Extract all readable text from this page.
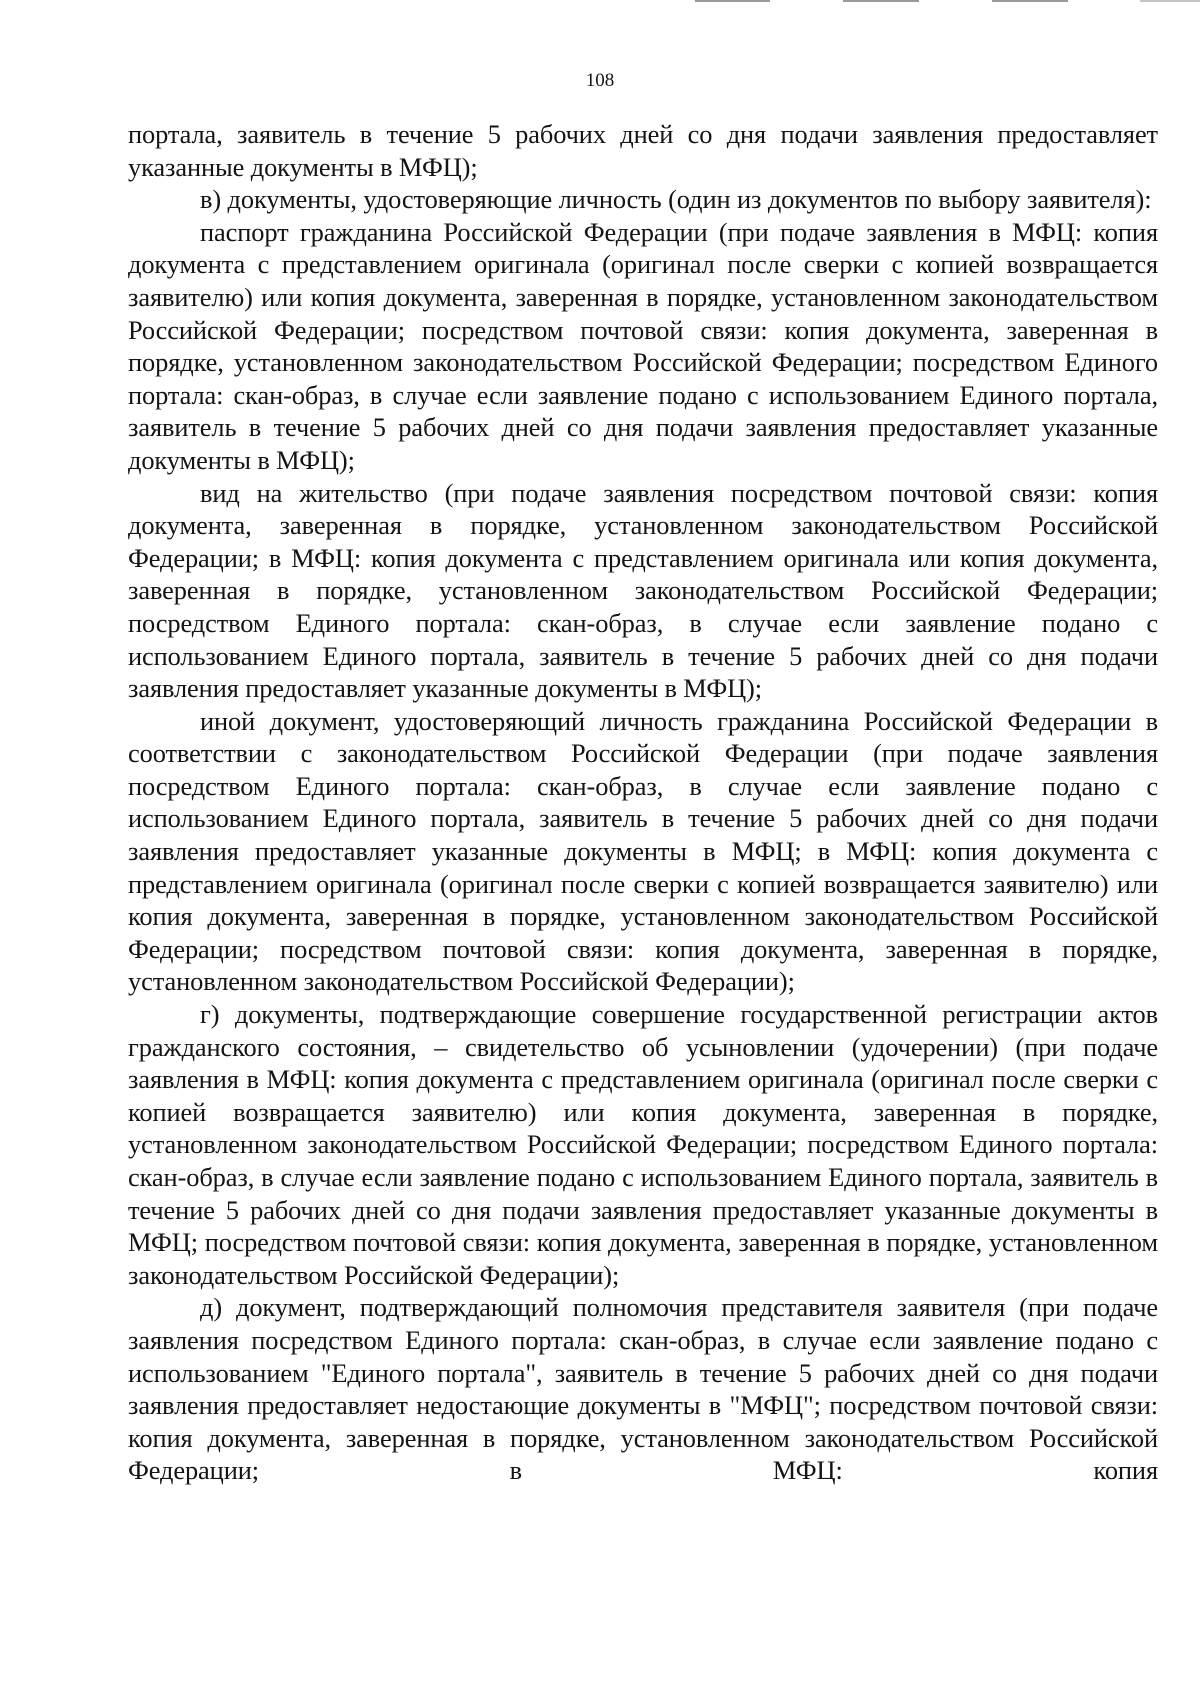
108

портала, заявитель в течение 5 рабочих дней со дня подачи заявления предоставляет указанные документы в МФЦ);

в) документы, удостоверяющие личность (один из документов по выбору заявителя):

паспорт гражданина Российской Федерации (при подаче заявления в МФЦ: копия документа с представлением оригинала (оригинал после сверки с копией возвращается заявителю) или копия документа, заверенная в порядке, установленном законодательством Российской Федерации; посредством почтовой связи: копия документа, заверенная в порядке, установленном законодательством Российской Федерации; посредством Единого портала: скан-образ, в случае если заявление подано с использованием Единого портала, заявитель в течение 5 рабочих дней со дня подачи заявления предоставляет указанные документы в МФЦ);

вид на жительство (при подаче заявления посредством почтовой связи: копия документа, заверенная в порядке, установленном законодательством Российской Федерации; в МФЦ: копия документа с представлением оригинала или копия документа, заверенная в порядке, установленном законодательством Российской Федерации; посредством Единого портала: скан-образ, в случае если заявление подано с использованием Единого портала, заявитель в течение 5 рабочих дней со дня подачи заявления предоставляет указанные документы в МФЦ);

иной документ, удостоверяющий личность гражданина Российской Федерации в соответствии с законодательством Российской Федерации (при подаче заявления посредством Единого портала: скан-образ, в случае если заявление подано с использованием Единого портала, заявитель в течение 5 рабочих дней со дня подачи заявления предоставляет указанные документы в МФЦ; в МФЦ: копия документа с представлением оригинала (оригинал после сверки с копией возвращается заявителю) или копия документа, заверенная в порядке, установленном законодательством Российской Федерации; посредством почтовой связи: копия документа, заверенная в порядке, установленном законодательством Российской Федерации);

г) документы, подтверждающие совершение государственной регистрации актов гражданского состояния, – свидетельство об усыновлении (удочерении) (при подаче заявления в МФЦ: копия документа с представлением оригинала (оригинал после сверки с копией возвращается заявителю) или копия документа, заверенная в порядке, установленном законодательством Российской Федерации; посредством Единого портала: скан-образ, в случае если заявление подано с использованием Единого портала, заявитель в течение 5 рабочих дней со дня подачи заявления предоставляет указанные документы в МФЦ; посредством почтовой связи: копия документа, заверенная в порядке, установленном законодательством Российской Федерации);

д) документ, подтверждающий полномочия представителя заявителя (при подаче заявления посредством Единого портала: скан-образ, в случае если заявление подано с использованием "Единого портала", заявитель в течение 5 рабочих дней со дня подачи заявления предоставляет недостающие документы в "МФЦ"; посредством почтовой связи: копия документа, заверенная в порядке, установленном законодательством Российской Федерации; в МФЦ: копия
